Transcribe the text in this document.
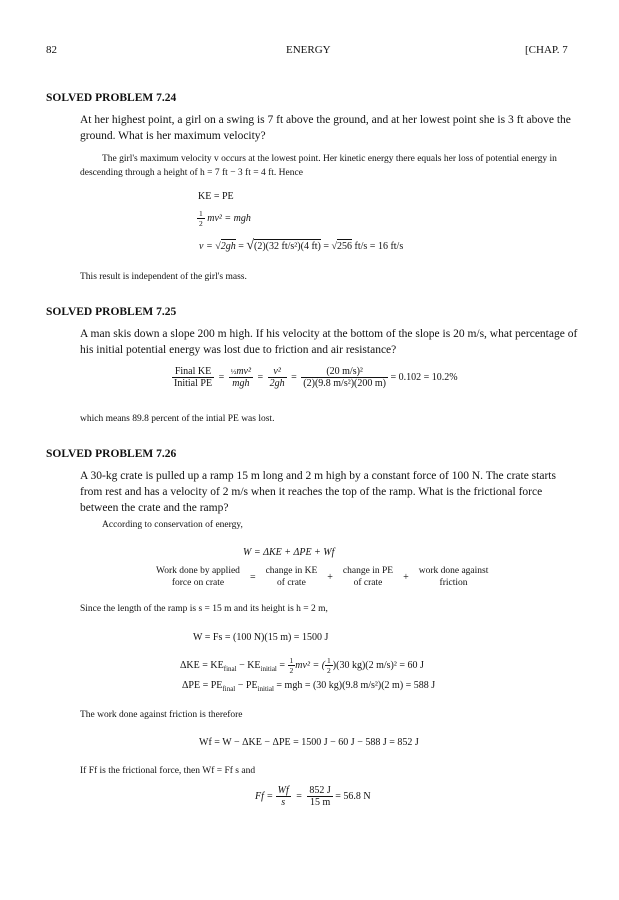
82	ENERGY	[CHAP. 7
SOLVED PROBLEM 7.24
At her highest point, a girl on a swing is 7 ft above the ground, and at her lowest point she is 3 ft above the ground. What is her maximum velocity?
The girl's maximum velocity v occurs at the lowest point. Her kinetic energy there equals her loss of potential energy in descending through a height of h = 7 ft − 3 ft = 4 ft. Hence
KE = PE
$\frac{1}{2} mv^2$ = mgh
v = √2gh = √(2)(32 ft/s²)(4 ft) = √256 ft/s = 16 ft/s
This result is independent of the girl's mass.
SOLVED PROBLEM 7.25
A man skis down a slope 200 m high. If his velocity at the bottom of the slope is 20 m/s, what percentage of his initial potential energy was lost due to friction and air resistance?
Final KE
Initial PE
=
½mv²
mgh
= $\frac{\text{v²}}{2gh} = \frac{\text{(20 m/s)²}}{\text{(2)(9.8 m/s²)(200 m)}} = 0.102 = 10.2\%$
which means 89.8 percent of the intial PE was lost.
SOLVED PROBLEM 7.26
A 30-kg crate is pulled up a ramp 15 m long and 2 m high by a constant force of 100 N. The crate starts from rest and has a velocity of 2 m/s when it reaches the top of the ramp. What is the frictional force between the crate and the ramp?
According to conservation of energy,
W = ΔKE + ΔPE + Wf
Work done by applied
force on crate = change in KE
of crate + change in PE
of crate + work done against
friction
Since the length of the ramp is s = 15 m and its height is h = 2 m,
W = Fs = (100 N)(15 m) = 1500 J
$\Delta KE = KE_{final} - KE_{initial} = \frac{1}{2} mv^2$ = ( $\frac{1}{2} )(30$ kg)(2 m/s)² = 60 J
$\Delta PE = PE_{final} - PE_{initial}$ = mgh = (30 kg)(9.8 m/s²)(2 m) = 588 J
The work done against friction is therefore
Wf = W − ΔKE − ΔPE = 1500 J − 60 J − 588 J = 852 J
If Ff is the frictional force, then Wf = Ff s and
$Ff = \frac{Wf}{s} = \frac{852 J}{15 m} = 56.8$ N
